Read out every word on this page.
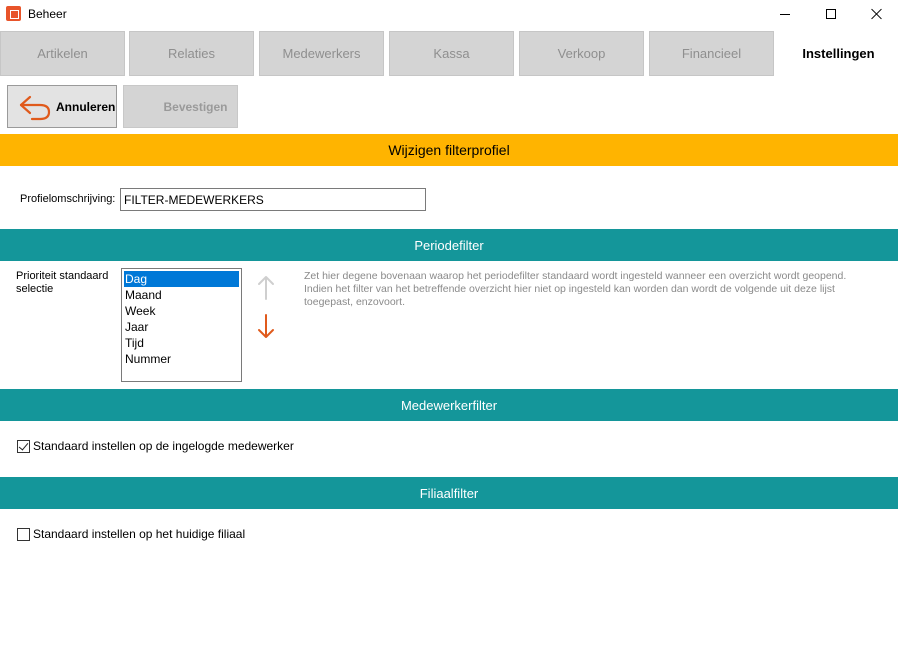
Beheer
Artikelen	Relaties	Medewerkers	Kassa	Verkoop	Financieel	Instellingen
Annuleren	Bevestigen
Wijzigen filterprofiel
Profielomschrijving:
FILTER-MEDEWERKERS
Periodefilter
Prioriteit standaard selectie
Dag
Maand
Week
Jaar
Tijd
Nummer
Zet hier degene bovenaan waarop het periodefilter standaard wordt ingesteld wanneer een overzicht wordt geopend.
Indien het filter van het betreffende overzicht hier niet op ingesteld kan worden dan wordt de volgende uit deze lijst toegepast, enzovoort.
Medewerkerfilter
Standaard instellen op de ingelogde medewerker
Filiaalfilter
Standaard instellen op het huidige filiaal
